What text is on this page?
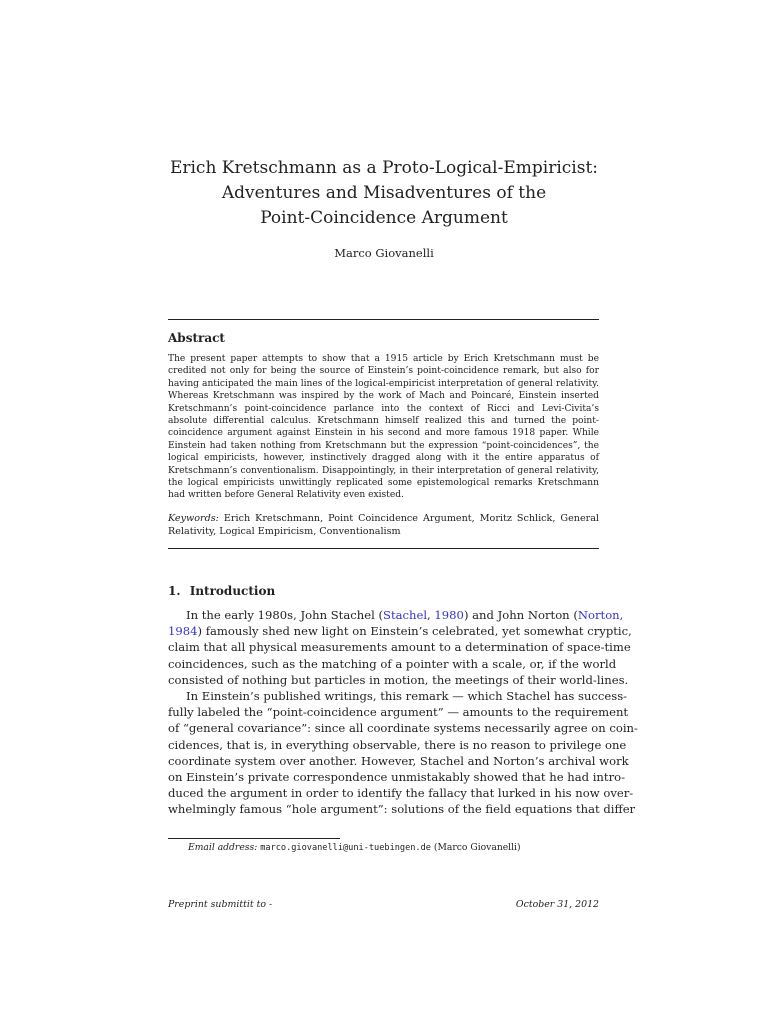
Erich Kretschmann as a Proto-Logical-Empiricist:
Adventures and Misadventures of the
Point-Coincidence Argument
Marco Giovanelli
Abstract
The present paper attempts to show that a 1915 article by Erich Kretschmann must be credited not only for being the source of Einstein’s point-coincidence remark, but also for having anticipated the main lines of the logical-empiricist interpretation of general relativity. Whereas Kretschmann was inspired by the work of Mach and Poincaré, Einstein inserted Kretschmann’s point-coincidence parlance into the context of Ricci and Levi-Civita’s absolute differential calculus. Kretschmann himself realized this and turned the point-coincidence argument against Einstein in his second and more famous 1918 paper. While Einstein had taken nothing from Kretschmann but the expression “point-coincidences”, the logical empiricists, however, instinctively dragged along with it the entire apparatus of Kretschmann’s conventionalism. Disappointingly, in their interpretation of general relativity, the logical empiricists unwittingly replicated some epistemological remarks Kretschmann had written before General Relativity even existed.
Keywords: Erich Kretschmann, Point Coincidence Argument, Moritz Schlick, General Relativity, Logical Empiricism, Conventionalism
1. Introduction
In the early 1980s, John Stachel (Stachel, 1980) and John Norton (Norton,
1984) famously shed new light on Einstein’s celebrated, yet somewhat cryptic,
claim that all physical measurements amount to a determination of space-time
coincidences, such as the matching of a pointer with a scale, or, if the world
consisted of nothing but particles in motion, the meetings of their world-lines.
In Einstein’s published writings, this remark — which Stachel has success-
fully labeled the “point-coincidence argument” — amounts to the requirement
of “general covariance”: since all coordinate systems necessarily agree on coin-
cidences, that is, in everything observable, there is no reason to privilege one
coordinate system over another. However, Stachel and Norton’s archival work
on Einstein’s private correspondence unmistakably showed that he had intro-
duced the argument in order to identify the fallacy that lurked in his now over-
whelmingly famous “hole argument”: solutions of the field equations that differ
Email address: marco.giovanelli@uni-tuebingen.de (Marco Giovanelli)
Preprint submittit to -	October 31, 2012
